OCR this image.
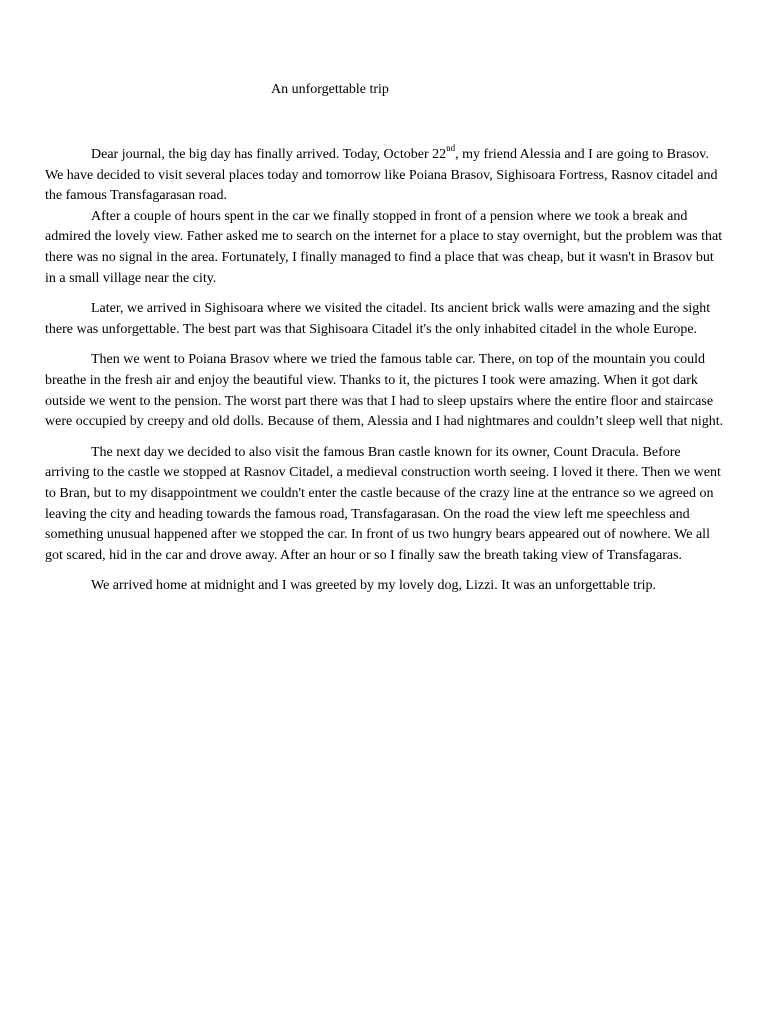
An unforgettable trip

Dear journal, the big day has finally arrived. Today, October 22nd, my friend Alessia and I are going to Brasov. We have decided to visit several places today and tomorrow like Poiana Brasov, Sighisoara Fortress, Rasnov citadel and the famous Transfagarasan road.

After a couple of hours spent in the car we finally stopped in front of a pension where we took a break and admired the lovely view. Father asked me to search on the internet for a place to stay overnight, but the problem was that there was no signal in the area. Fortunately, I finally managed to find a place that was cheap, but it wasn't in Brasov but in a small village near the city.

Later, we arrived in Sighisoara where we visited the citadel. Its ancient brick walls were amazing and the sight there was unforgettable. The best part was that Sighisoara Citadel it's the only inhabited citadel in the whole Europe.

Then we went to Poiana Brasov where we tried the famous table car. There, on top of the mountain you could breathe in the fresh air and enjoy the beautiful view. Thanks to it, the pictures I took were amazing. When it got dark outside we went to the pension. The worst part there was that I had to sleep upstairs where the entire floor and staircase were occupied by creepy and old dolls. Because of them, Alessia and I had nightmares and couldn’t sleep well that night.

The next day we decided to also visit the famous Bran castle known for its owner, Count Dracula. Before arriving to the castle we stopped at Rasnov Citadel, a medieval construction worth seeing. I loved it there. Then we went to Bran, but to my disappointment we couldn't enter the castle because of the crazy line at the entrance so we agreed on leaving the city and heading towards the famous road, Transfagarasan. On the road the view left me speechless and something unusual happened after we stopped the car. In front of us two hungry bears appeared out of nowhere. We all got scared, hid in the car and drove away. After an hour or so I finally saw the breath taking view of Transfagaras.

We arrived home at midnight and I was greeted by my lovely dog, Lizzi. It was an unforgettable trip.
